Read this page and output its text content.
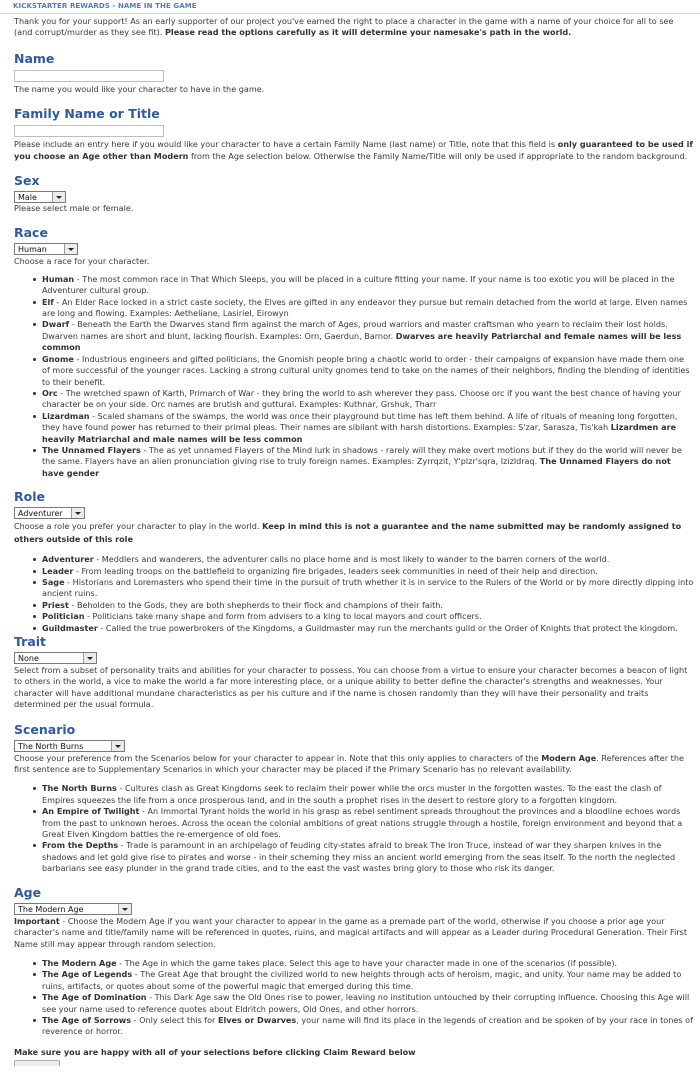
KICKSTARTER REWARDS - NAME IN THE GAME

Thank you for your support! As an early supporter of our project you've earned the right to place a character in the game with a name of your choice for all to see (and corrupt/murder as they see fit). Please read the options carefully as it will determine your namesake's path in the world.

Name

The name you would like your character to have in the game.

Family Name or Title

Please include an entry here if you would like your character to have a certain Family Name (last name) or Title, note that this field is only guaranteed to be used if you choose an Age other than Modern from the Age selection below. Otherwise the Family Name/Title will only be used if appropriate to the random background.

Sex
Male

Please select male or female.

Race
Human

Choose a race for your character.

Human - The most common race in That Which Sleeps, you will be placed in a culture fitting your name. If your name is too exotic you will be placed in the Adventurer cultural group.
Elf - An Elder Race locked in a strict caste society, the Elves are gifted in any endeavor they pursue but remain detached from the world at large. Elven names are long and flowing. Examples: Aetheliane, Lasiriel, Eirowyn
Dwarf - Beneath the Earth the Dwarves stand firm against the march of Ages, proud warriors and master craftsman who yearn to reclaim their lost holds. Dwarven names are short and blunt, lacking flourish. Examples: Orn, Gaerdun, Barnor. Dwarves are heavily Patriarchal and female names will be less common
Gnome - Industrious engineers and gifted politicians, the Gnomish people bring a chaotic world to order - their campaigns of expansion have made them one of more successful of the younger races. Lacking a strong cultural unity gnomes tend to take on the names of their neighbors, finding the blending of identities to their benefit.
Orc - The wretched spawn of Karth, Primarch of War - they bring the world to ash wherever they pass. Choose orc if you want the best chance of having your character be on your side. Orc names are brutish and guttural. Examples: Kuthnar, Grshuk, Tharr
Lizardman - Scaled shamans of the swamps, the world was once their playground but time has left them behind. A life of rituals of meaning long forgotten, they have found power has returned to their primal pleas. Their names are sibilant with harsh distortions. Examples: S'zar, Sarasza, Tis'kah Lizardmen are heavily Matriarchal and male names will be less common
The Unnamed Flayers - The as yet unnamed Flayers of the Mind lurk in shadows - rarely will they make overt motions but if they do the world will never be the same. Flayers have an alien pronunciation giving rise to truly foreign names. Examples: Zyrrqzit, Y'plzr'sqra, Izizldraq. The Unnamed Flayers do not have gender
Role
Adventurer

Choose a role you prefer your character to play in the world. Keep in mind this is not a guarantee and the name submitted may be randomly assigned to others outside of this role

Adventurer - Meddlers and wanderers, the adventurer calls no place home and is most likely to wander to the barren corners of the world.
Leader - From leading troops on the battlefield to organizing fire brigades, leaders seek communities in need of their help and direction.
Sage - Historians and Loremasters who spend their time in the pursuit of truth whether it is in service to the Rulers of the World or by more directly dipping into ancient ruins.
Priest - Beholden to the Gods, they are both shepherds to their flock and champions of their faith.
Politician - Politicians take many shape and form from advisers to a king to local mayors and court officers.
Guildmaster - Called the true powerbrokers of the Kingdoms, a Guildmaster may run the merchants guild or the Order of Knights that protect the kingdom.
Trait
None

Select from a subset of personality traits and abilities for your character to possess. You can choose from a virtue to ensure your character becomes a beacon of light to others in the world, a vice to make the world a far more interesting place, or a unique ability to better define the character's strengths and weaknesses. Your character will have additional mundane characteristics as per his culture and if the name is chosen randomly than they will have their personality and traits determined per the usual formula.

Scenario
The North Burns

Choose your preference from the Scenarios below for your character to appear in. Note that this only applies to characters of the Modern Age. References after the first sentence are to Supplementary Scenarios in which your character may be placed if the Primary Scenario has no relevant availability.

The North Burns - Cultures clash as Great Kingdoms seek to reclaim their power while the orcs muster in the forgotten wastes. To the east the clash of Empires squeezes the life from a once prosperous land, and in the south a prophet rises in the desert to restore glory to a forgotten kingdom.
An Empire of Twilight - An Immortal Tyrant holds the world in his grasp as rebel sentiment spreads throughout the provinces and a bloodline echoes words from the past to unknown heroes. Across the ocean the colonial ambitions of great nations struggle through a hostile, foreign environment and beyond that a Great Elven Kingdom battles the re-emergence of old foes.
From the Depths - Trade is paramount in an archipelago of feuding city-states afraid to break The Iron Truce, instead of war they sharpen knives in the shadows and let gold give rise to pirates and worse - in their scheming they miss an ancient world emerging from the seas itself. To the north the neglected barbarians see easy plunder in the grand trade cities, and to the east the vast wastes bring glory to those who risk its danger.
Age
The Modern Age

Important - Choose the Modern Age if you want your character to appear in the game as a premade part of the world, otherwise if you choose a prior age your character's name and title/family name will be referenced in quotes, ruins, and magical artifacts and will appear as a Leader during Procedural Generation. Their First Name still may appear through random selection.

The Modern Age - The Age in which the game takes place. Select this age to have your character made in one of the scenarios (if possible).
The Age of Legends - The Great Age that brought the civilized world to new heights through acts of heroism, magic, and unity. Your name may be added to ruins, artifacts, or quotes about some of the powerful magic that emerged during this time.
The Age of Domination - This Dark Age saw the Old Ones rise to power, leaving no institution untouched by their corrupting influence. Choosing this Age will see your name used to reference quotes about Eldritch powers, Old Ones, and other horrors.
The Age of Sorrows - Only select this for Elves or Dwarves, your name will find its place in the legends of creation and be spoken of by your race in tones of reverence or horror.

Make sure you are happy with all of your selections before clicking Claim Reward below
